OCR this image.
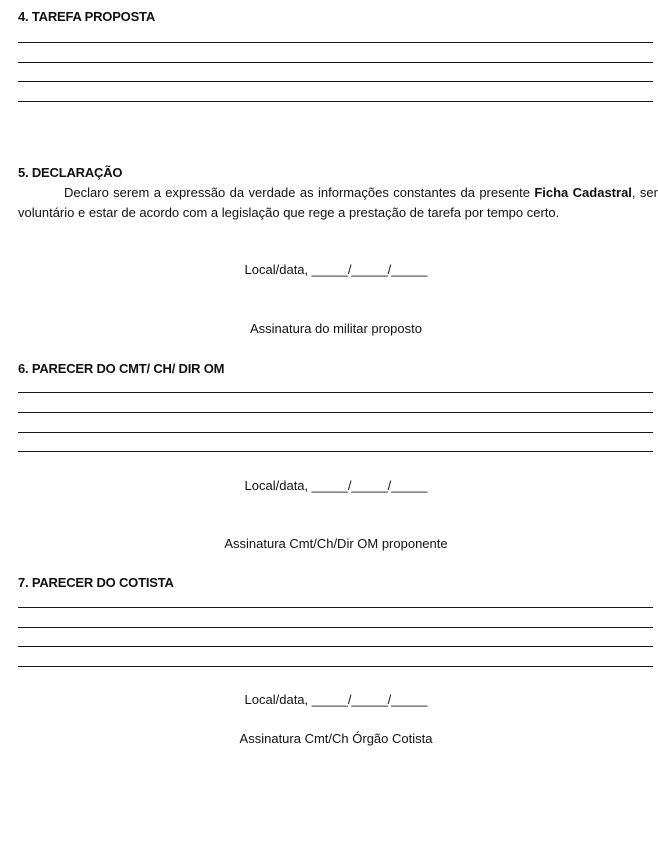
4. TAREFA PROPOSTA
5. DECLARAÇÃO
Declaro serem a expressão da verdade as informações constantes da presente Ficha Cadastral, ser voluntário e estar de acordo com a legislação que rege a prestação de tarefa por tempo certo.
Local/data, _____/_____/_____
Assinatura do militar proposto
6. PARECER DO CMT/ CH/ DIR OM
Local/data, _____/_____/_____
Assinatura Cmt/Ch/Dir OM proponente
7. PARECER DO COTISTA
Local/data, _____/_____/_____
Assinatura Cmt/Ch Órgão Cotista
